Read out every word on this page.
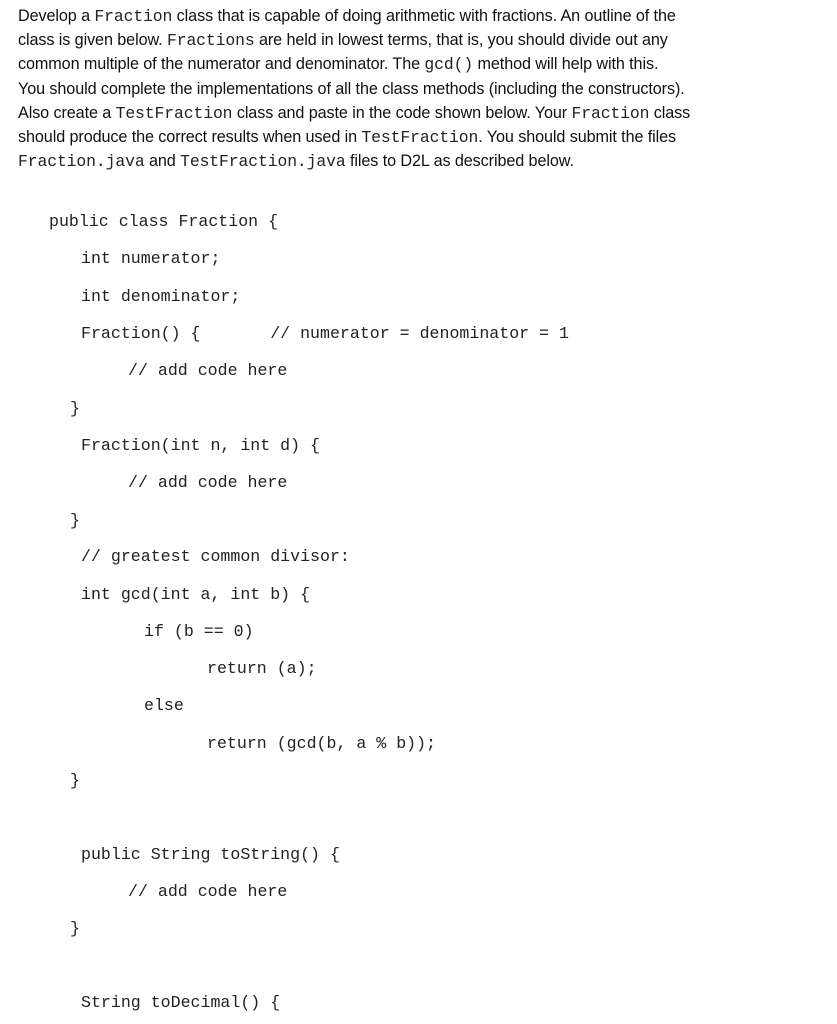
Develop a Fraction class that is capable of doing arithmetic with fractions. An outline of the
class is given below. Fractions are held in lowest terms, that is, you should divide out any
common multiple of the numerator and denominator. The gcd() method will help with this.
You should complete the implementations of all the class methods (including the constructors).
Also create a TestFraction class and paste in the code shown below. Your Fraction class
should produce the correct results when used in TestFraction. You should submit the files
Fraction.java and TestFraction.java files to D2L as described below.
public class Fraction {
int numerator;
int denominator;
Fraction() {       // numerator = denominator = 1
// add code here
}
Fraction(int n, int d) {
// add code here
}
// greatest common divisor:
int gcd(int a, int b) {
if (b == 0)
return (a);
else
return (gcd(b, a % b));
}
public String toString() {
// add code here
}
String toDecimal() {
